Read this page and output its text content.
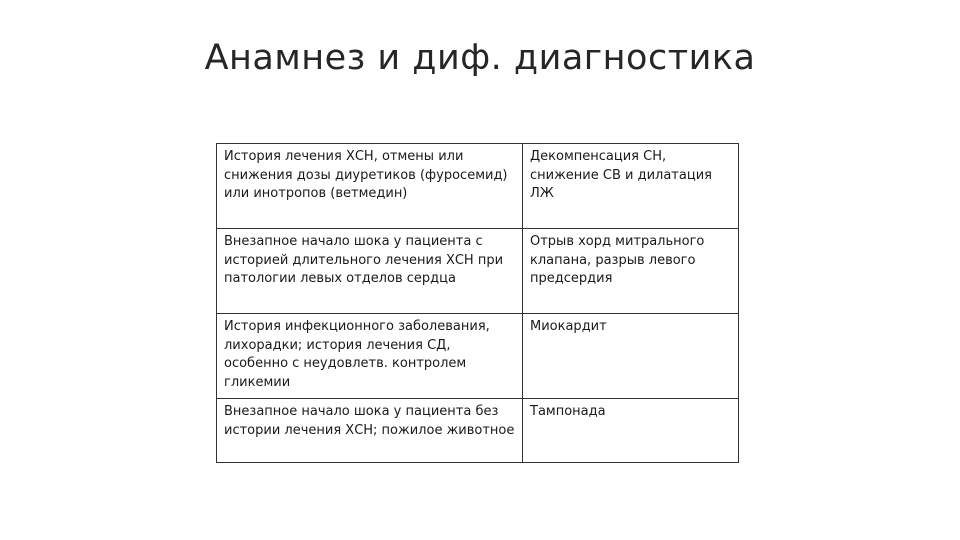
Анамнез и диф. диагностика
История лечения ХСН, отмены или снижения дозы диуретиков (фуросемид) или инотропов (ветмедин)	Декомпенсация СН, снижение СВ и дилатация ЛЖ
Внезапное начало шока у пациента с историей длительного лечения ХСН при патологии левых отделов сердца	Отрыв хорд митрального клапана, разрыв левого предсердия
История инфекционного заболевания, лихорадки; история лечения СД, особенно с неудовлетв. контролем гликемии	Миокардит
Внезапное начало шока у пациента без истории лечения ХСН; пожилое животное	Тампонада
